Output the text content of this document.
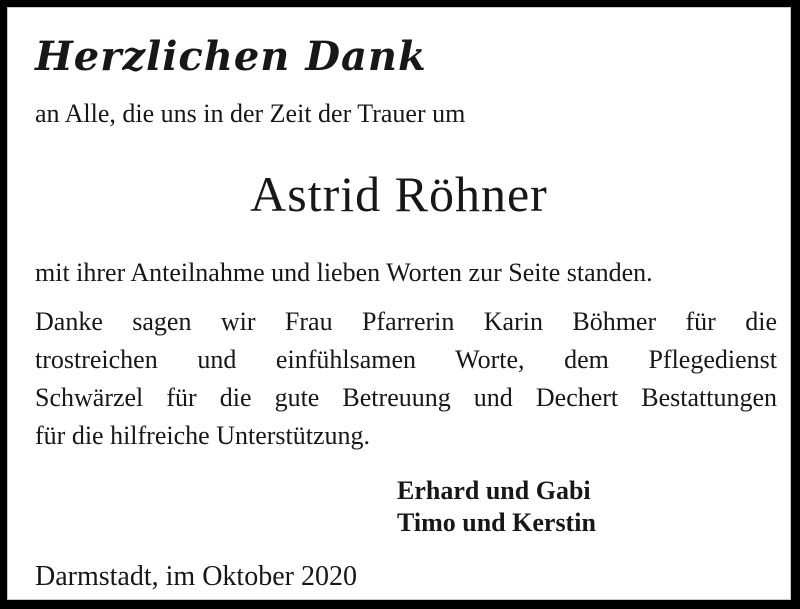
Herzlichen Dank
an Alle, die uns in der Zeit der Trauer um
Astrid Röhner
mit ihrer Anteilnahme und lieben Worten zur Seite standen.
Danke sagen wir Frau Pfarrerin Karin Böhmer für die
trostreichen und einfühlsamen Worte, dem Pflegedienst
Schwärzel für die gute Betreuung und Dechert Bestattungen
für die hilfreiche Unterstützung.
Erhard und Gabi
Timo und Kerstin
Darmstadt, im Oktober 2020
